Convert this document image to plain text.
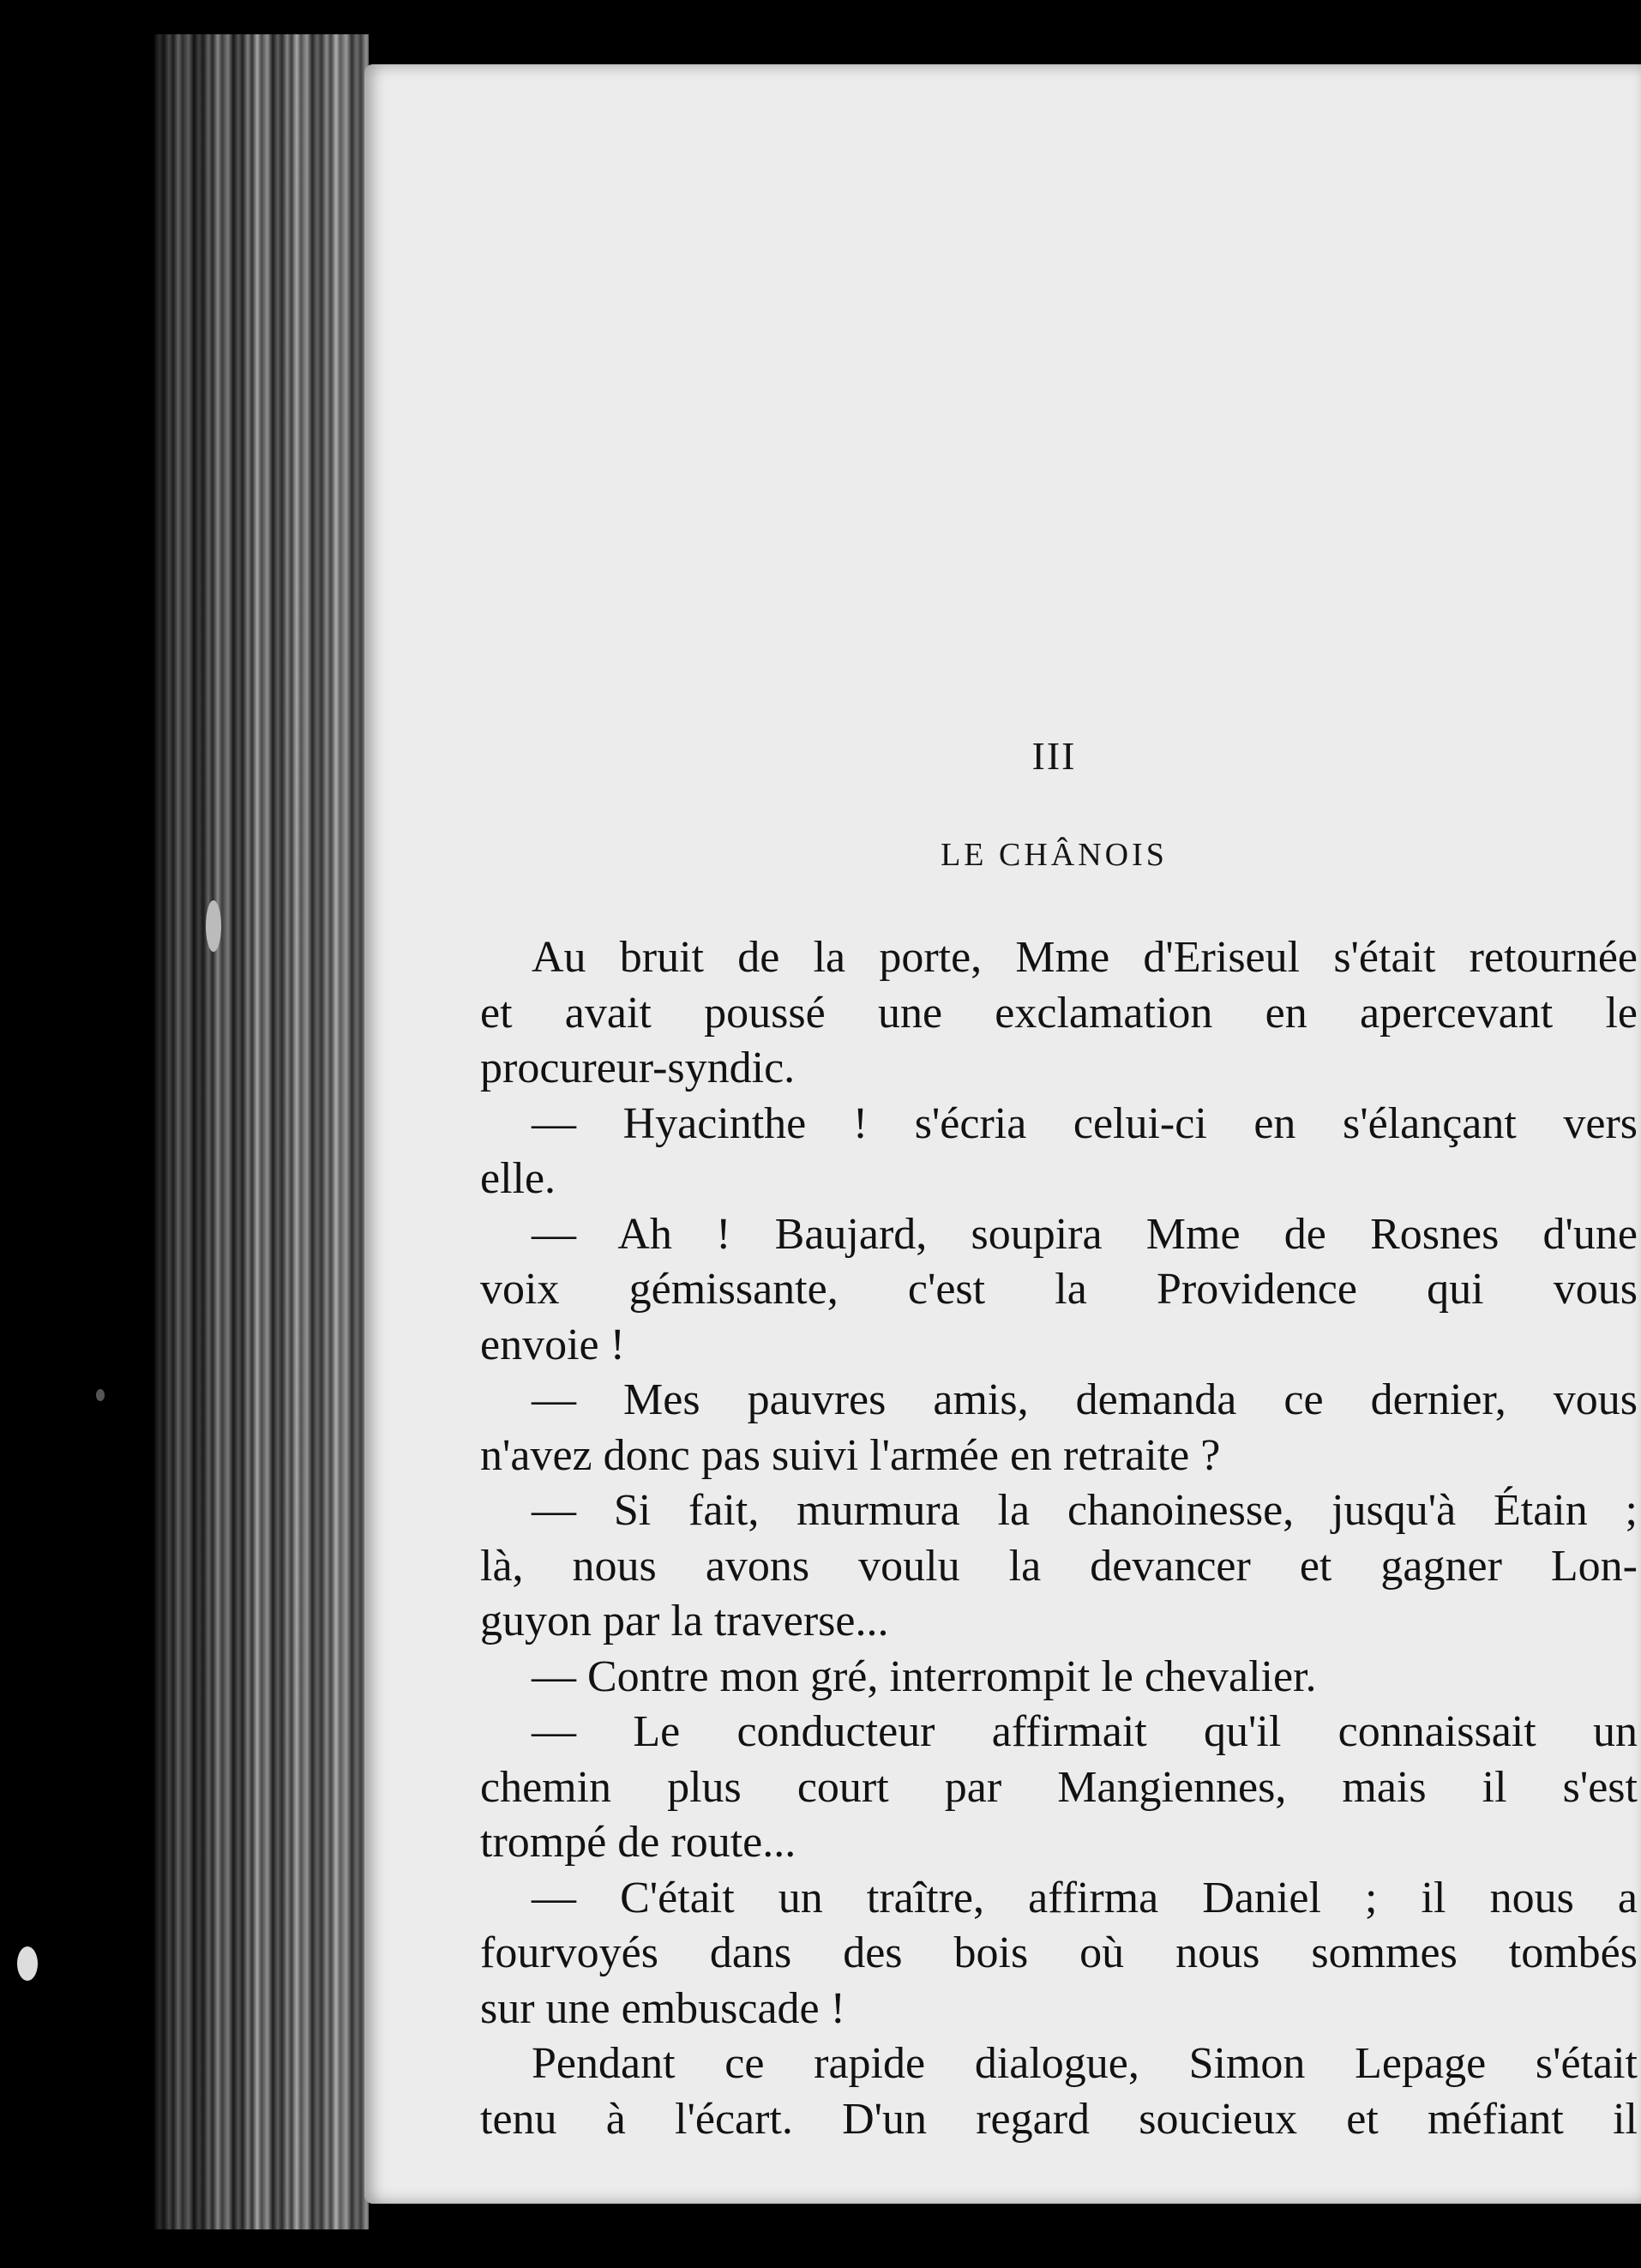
III
LE CHÂNOIS
Au bruit de la porte, Mme d'Eriseul s'était retournée
et avait poussé une exclamation en apercevant le
procureur-syndic.
— Hyacinthe ! s'écria celui-ci en s'élançant vers
elle.
— Ah ! Baujard, soupira Mme de Rosnes d'une
voix gémissante, c'est la Providence qui vous
envoie !
— Mes pauvres amis, demanda ce dernier, vous
n'avez donc pas suivi l'armée en retraite ?
— Si fait, murmura la chanoinesse, jusqu'à Étain ;
là, nous avons voulu la devancer et gagner Lon-
guyon par la traverse...
— Contre mon gré, interrompit le chevalier.
— Le conducteur affirmait qu'il connaissait un
chemin plus court par Mangiennes, mais il s'est
trompé de route...
— C'était un traître, affirma Daniel ; il nous a
fourvoyés dans des bois où nous sommes tombés
sur une embuscade !
Pendant ce rapide dialogue, Simon Lepage s'était
tenu à l'écart. D'un regard soucieux et méfiant il
